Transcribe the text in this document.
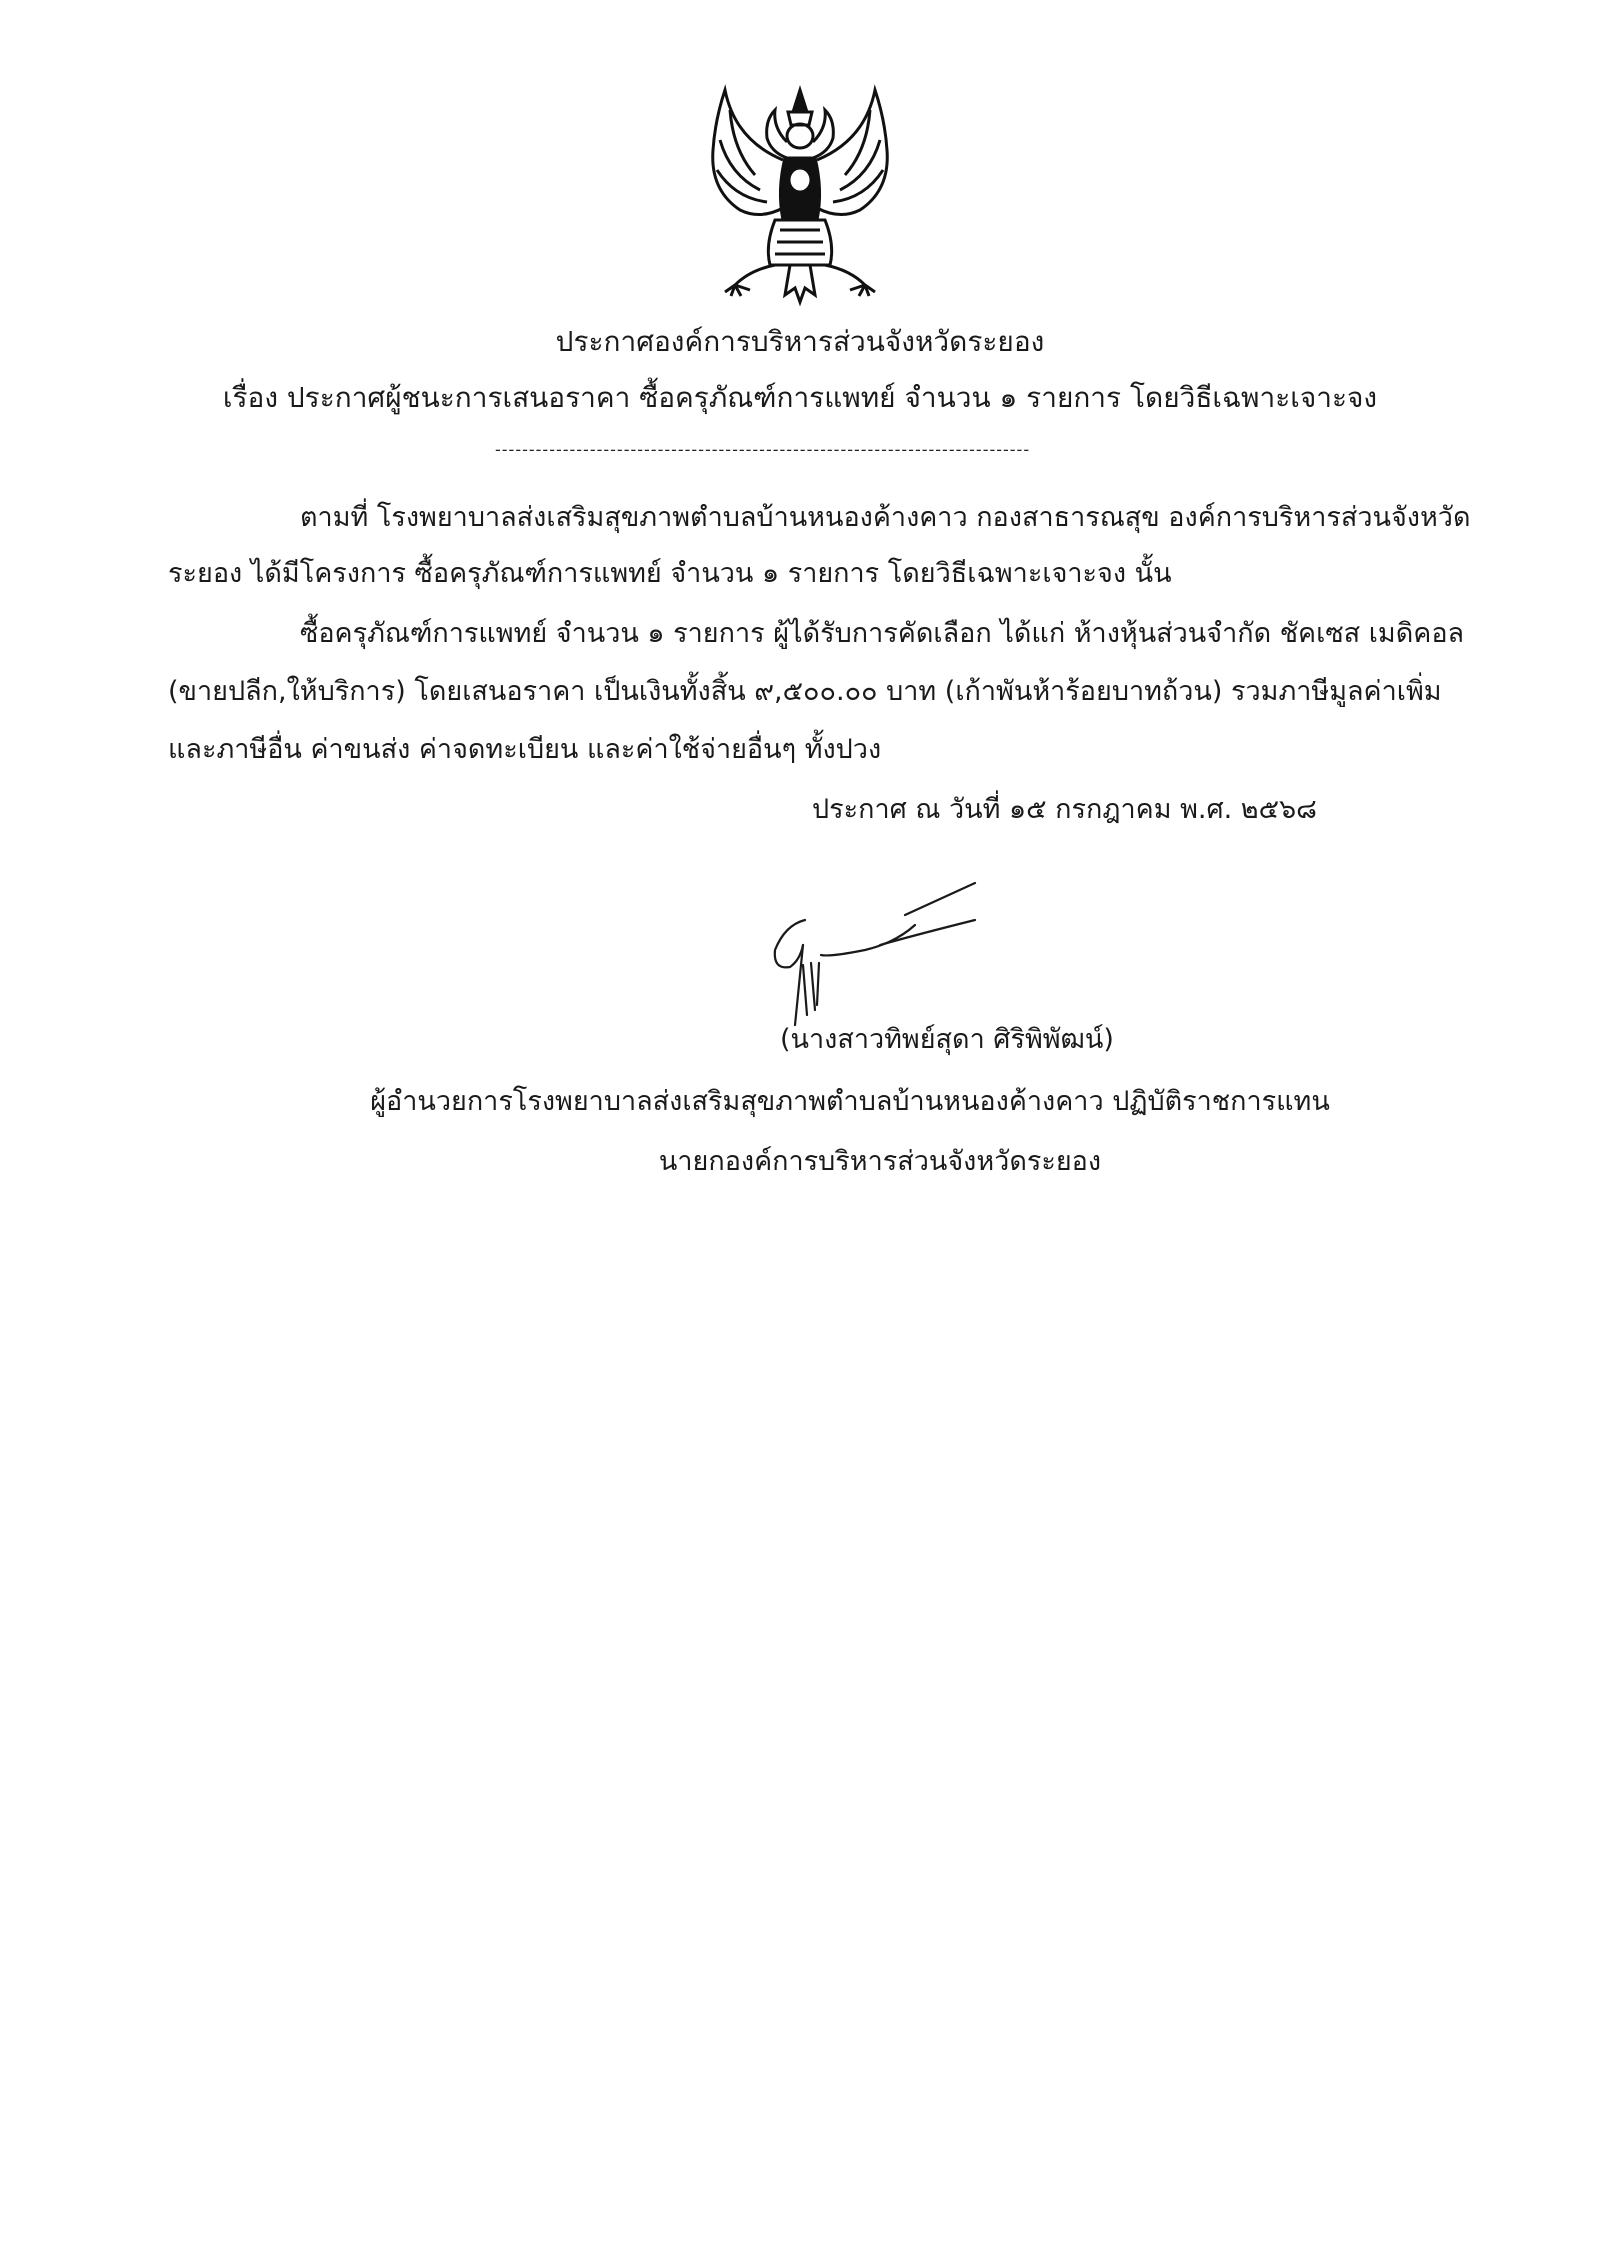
ประกาศองค์การบริหารส่วนจังหวัดระยอง
เรื่อง ประกาศผู้ชนะการเสนอราคา ซื้อครุภัณฑ์การแพทย์ จำนวน ๑ รายการ โดยวิธีเฉพาะเจาะจง
-------------------------------------------------------------------------------
ตามที่ โรงพยาบาลส่งเสริมสุขภาพตำบลบ้านหนองค้างคาว กองสาธารณสุข องค์การบริหารส่วนจังหวัด
ระยอง ได้มีโครงการ ซื้อครุภัณฑ์การแพทย์ จำนวน ๑ รายการ โดยวิธีเฉพาะเจาะจง นั้น
ซื้อครุภัณฑ์การแพทย์ จำนวน ๑ รายการ ผู้ได้รับการคัดเลือก ได้แก่ ห้างหุ้นส่วนจำกัด ชัคเซส เมดิคอล
(ขายปลีก,ให้บริการ) โดยเสนอราคา เป็นเงินทั้งสิ้น ๙,๕๐๐.๐๐ บาท (เก้าพันห้าร้อยบาทถ้วน) รวมภาษีมูลค่าเพิ่ม
และภาษีอื่น ค่าขนส่ง ค่าจดทะเบียน และค่าใช้จ่ายอื่นๆ ทั้งปวง
ประกาศ ณ วันที่ ๑๕ กรกฎาคม พ.ศ. ๒๕๖๘
(นางสาวทิพย์สุดา ศิริพิพัฒน์)
ผู้อำนวยการโรงพยาบาลส่งเสริมสุขภาพตำบลบ้านหนองค้างคาว ปฏิบัติราชการแทน
นายกองค์การบริหารส่วนจังหวัดระยอง
